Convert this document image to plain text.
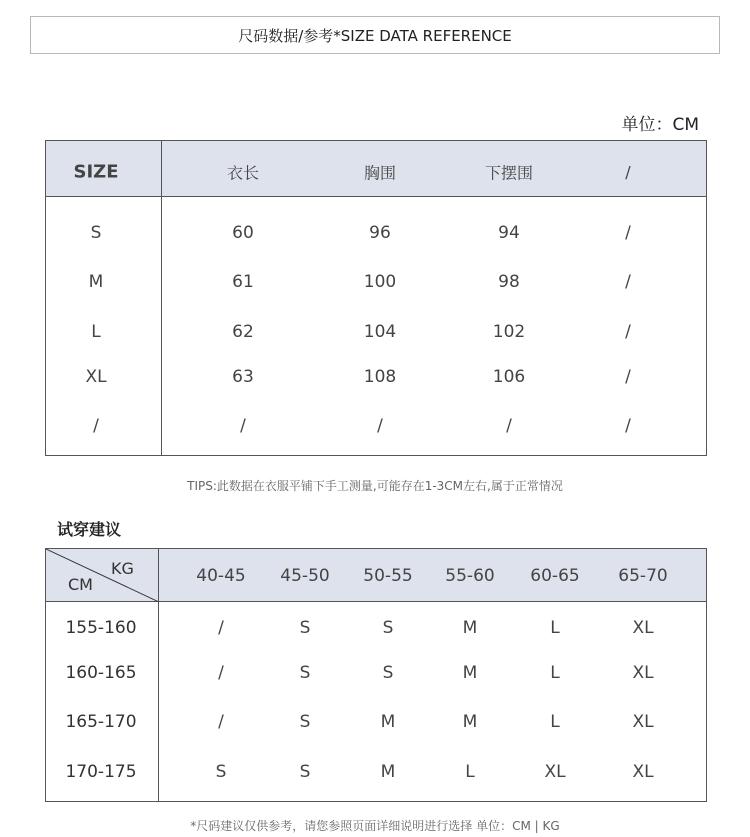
尺码数据/参考*SIZE DATA REFERENCE
单位：CM
SIZE	衣长	胸围	下摆围	/
S	60	96	94	/
M	61	100	98	/
L	62	104	102	/
XL	63	108	106	/
/	/	/	/	/
TIPS:此数据在衣服平铺下手工测量,可能存在1-3CM左右,属于正常情况
试穿建议
KG
CM	40-45 45-50 50-55 55-60 60-65 65-70
155-160	/	S	S	M	L	XL
160-165	/	S	S	M	L	XL
165-170	/	S	M	M	L	XL
170-175	S	S	M	L	XL	XL
*尺码建议仅供参考，请您参照页面详细说明进行选择 单位：CM | KG
